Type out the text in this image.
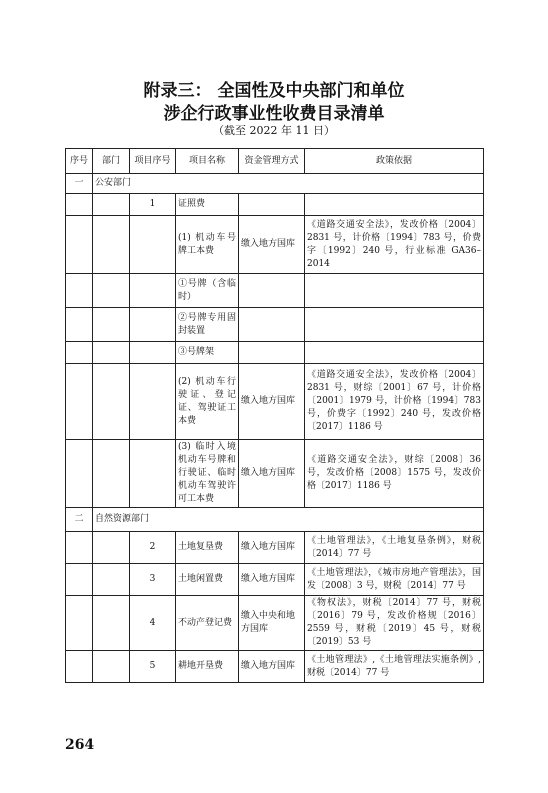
附录三： 全国性及中央部门和单位
涉企行政事业性收费目录清单
（截至 2022 年 11 日）
序号	部门	项目序号	项目名称	资金管理方式	政策依据
一	公安部门				
		1	证照费		
			(1) 机动车号牌工本费	缴入地方国库	《道路交通安全法》，发改价格〔2004〕2831 号，计价格〔1994〕783 号，价费字〔1992〕240 号，行业标准 GA36–2014
			①号牌（含临时）		
			②号牌专用固封装置		
			③号牌架		
			(2) 机动车行驶证、登记证、驾驶证工本费	缴入地方国库	《道路交通安全法》，发改价格〔2004〕2831 号，财综〔2001〕67 号，计价格〔2001〕1979 号，计价格〔1994〕783 号，价费字〔1992〕240 号，发改价格〔2017〕1186 号
			(3) 临时入境机动车号牌和行驶证、临时机动车驾驶许可工本费	缴入地方国库	《道路交通安全法》，财综〔2008〕36 号，发改价格〔2008〕1575 号，发改价格〔2017〕1186 号
二	自然资源部门				
		2	土地复垦费	缴入地方国库	《土地管理法》，《土地复垦条例》，财税〔2014〕77 号
		3	土地闲置费	缴入地方国库	《土地管理法》，《城市房地产管理法》，国发〔2008〕3 号，财税〔2014〕77 号
		4	不动产登记费	缴入中央和地方国库	《物权法》，财税〔2014〕77 号，财税〔2016〕79 号，发改价格规〔2016〕2559 号，财税〔2019〕45 号，财税〔2019〕53 号
		5	耕地开垦费	缴入地方国库	《土地管理法》,《土地管理法实施条例》,财税〔2014〕77 号
264
